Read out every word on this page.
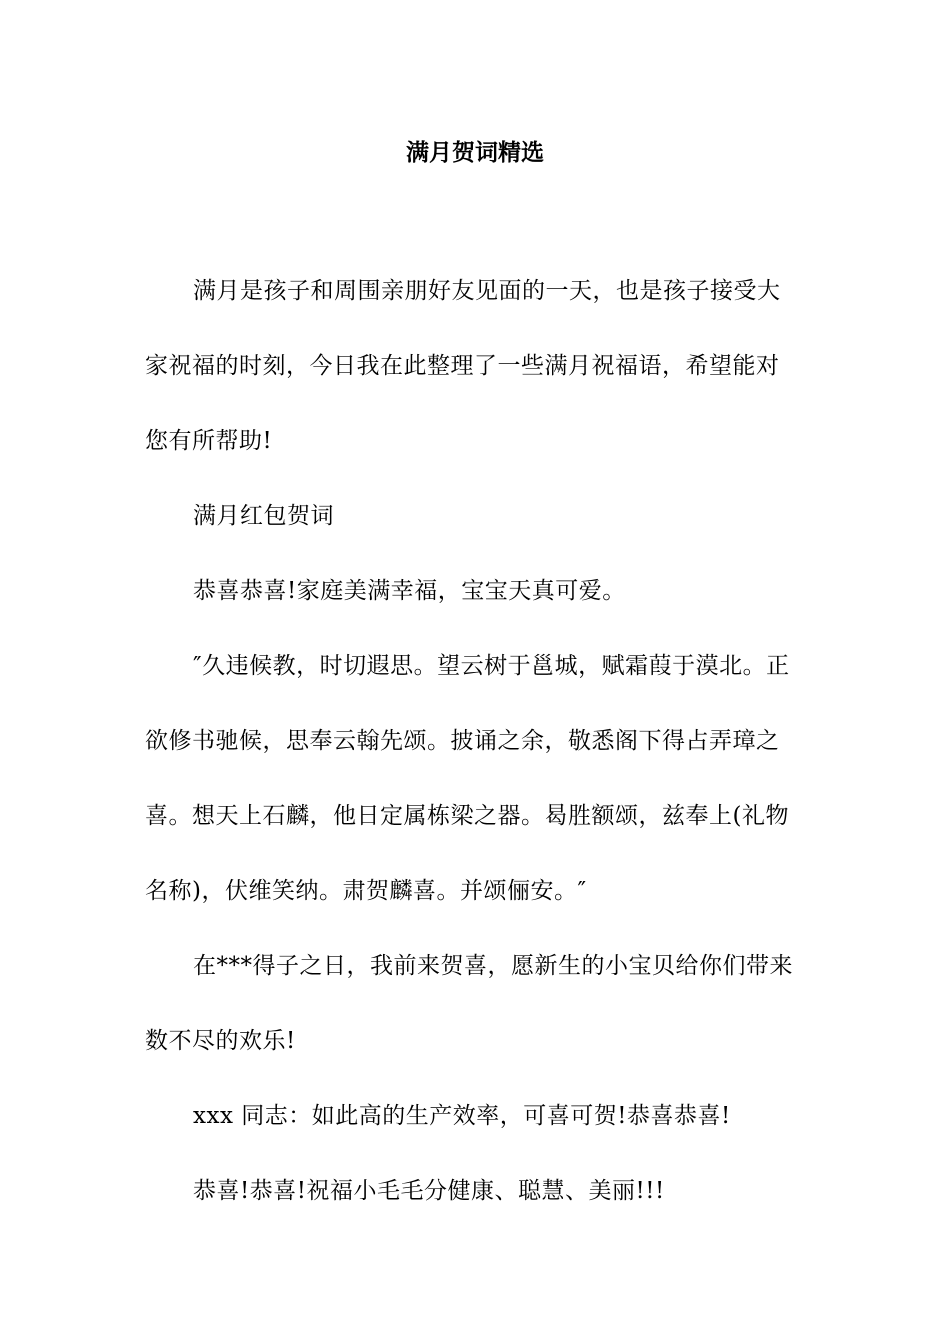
满月贺词精选

满月是孩子和周围亲朋好友见面的一天，也是孩子接受大
家祝福的时刻，今日我在此整理了一些满月祝福语，希望能对
您有所帮助!

满月红包贺词

恭喜恭喜!家庭美满幸福，宝宝天真可爱。

″久违候教，时切遐思。望云树于邕城，赋霜葭于漠北。正
欲修书驰候，思奉云翰先颂。披诵之余，敬悉阁下得占弄璋之
喜。想天上石麟，他日定属栋梁之器。曷胜额颂，兹奉上(礼物
名称)，伏维笑纳。肃贺麟喜。并颂俪安。″

在***得子之日，我前来贺喜，愿新生的小宝贝给你们带来
数不尽的欢乐!

xxx 同志：如此高的生产效率，可喜可贺!恭喜恭喜!

恭喜!恭喜!祝福小毛毛分健康、聪慧、美丽!!!
